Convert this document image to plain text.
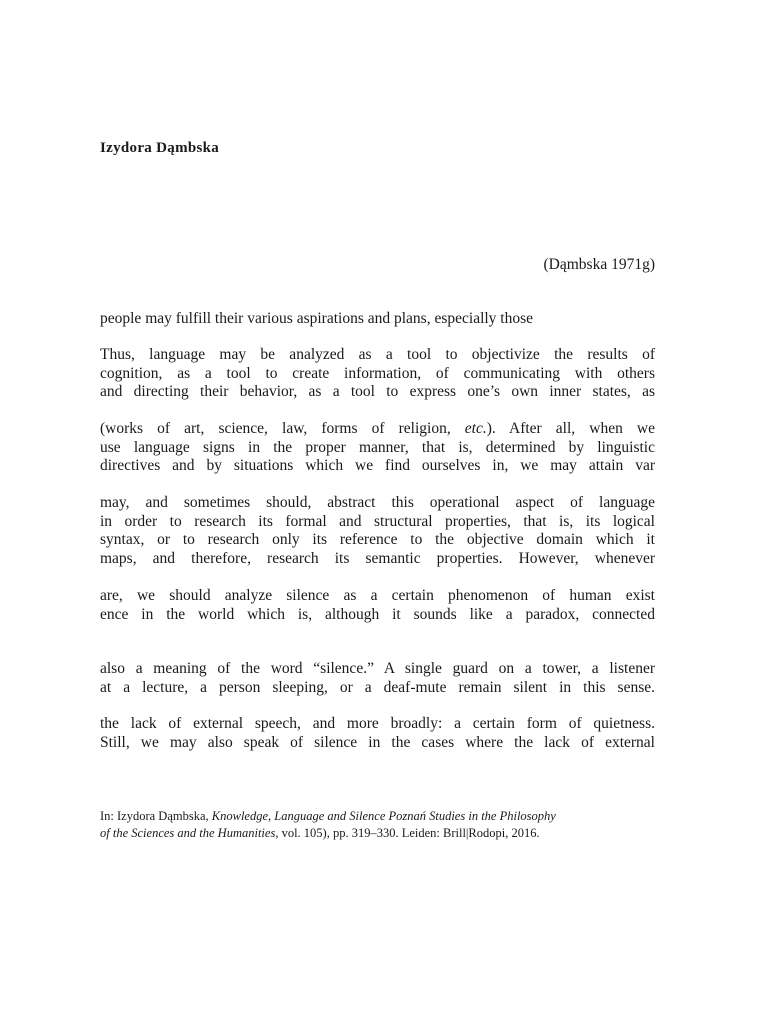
Izydora Dąmbska

(Dąmbska 1971g)

people may fulfill their various aspirations and plans, especially those

Thus, language may be analyzed as a tool to objectivize the results of
cognition, as a tool to create information, of communicating with others
and directing their behavior, as a tool to express one’s own inner states, as

(works of art, science, law, forms of religion, etc.). After all, when we
use language signs in the proper manner, that is, determined by linguistic
directives and by situations which we find ourselves in, we may attain var

may, and sometimes should, abstract this operational aspect of language
in order to research its formal and structural properties, that is, its logical
syntax, or to research only its reference to the objective domain which it
maps, and therefore, research its semantic properties. However, whenever

are, we should analyze silence as a certain phenomenon of human exist
ence in the world which is, although it sounds like a paradox, connected

also a meaning of the word “silence.” A single guard on a tower, a listener
at a lecture, a person sleeping, or a deaf-mute remain silent in this sense.

the lack of external speech, and more broadly: a certain form of quietness.
Still, we may also speak of silence in the cases where the lack of external

In: Izydora Dąmbska, Knowledge, Language and Silence Poznań Studies in the Philosophy
of the Sciences and the Humanities, vol. 105), pp. 319–330. Leiden: Brill|Rodopi, 2016.
